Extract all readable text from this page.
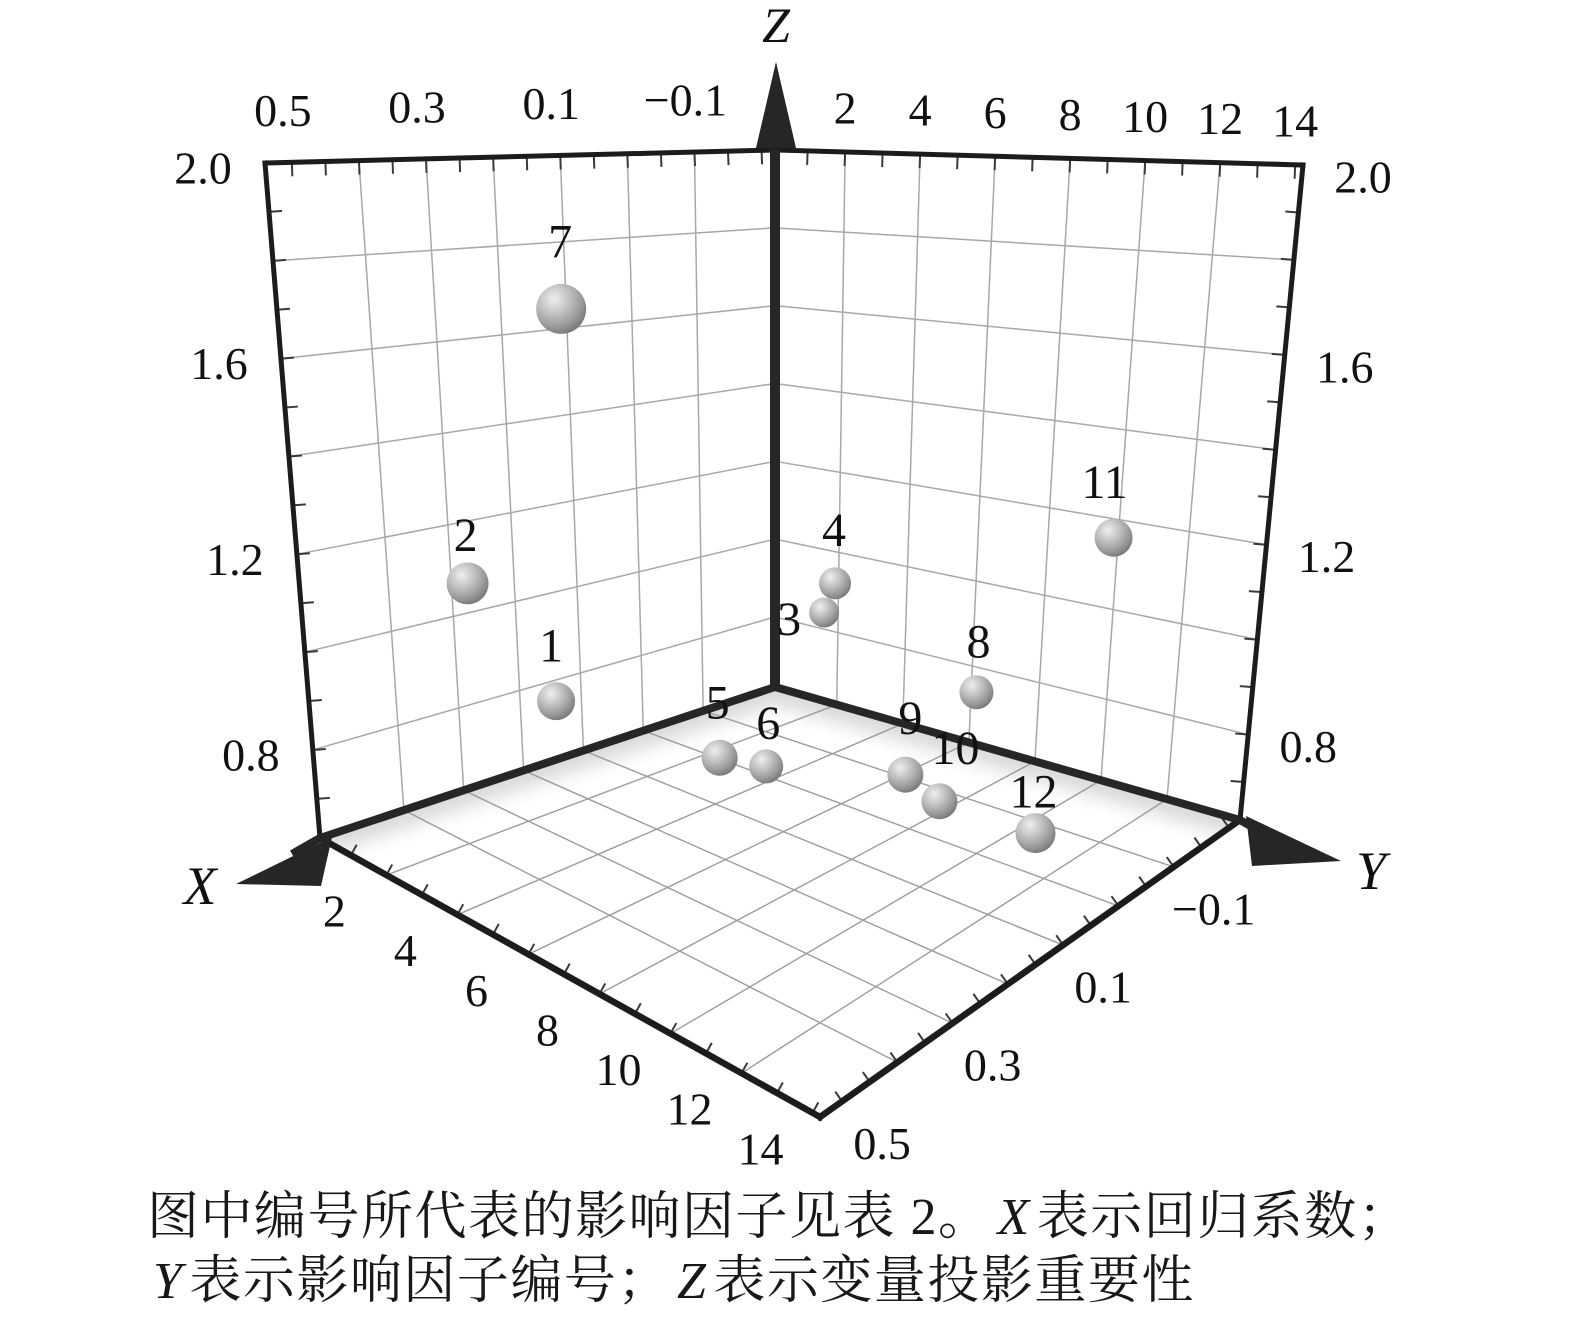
7
11
4
2
3	8
1
5 6 9
10
12
0.5
0.5
0.3
0.3
0.1
0.1
−0.1
−0.1
2
2
4
4
6
6
8
8
10
10
12
12
14
14
2.0	2.0
1.6	1.6
1.2	1.2
0.8	0.8
X	Y
Z
图中编号所代表的影响因子见表 2。 X 表示回归系数；
Y 表示影响因子编号； Z 表示变量投影重要性
